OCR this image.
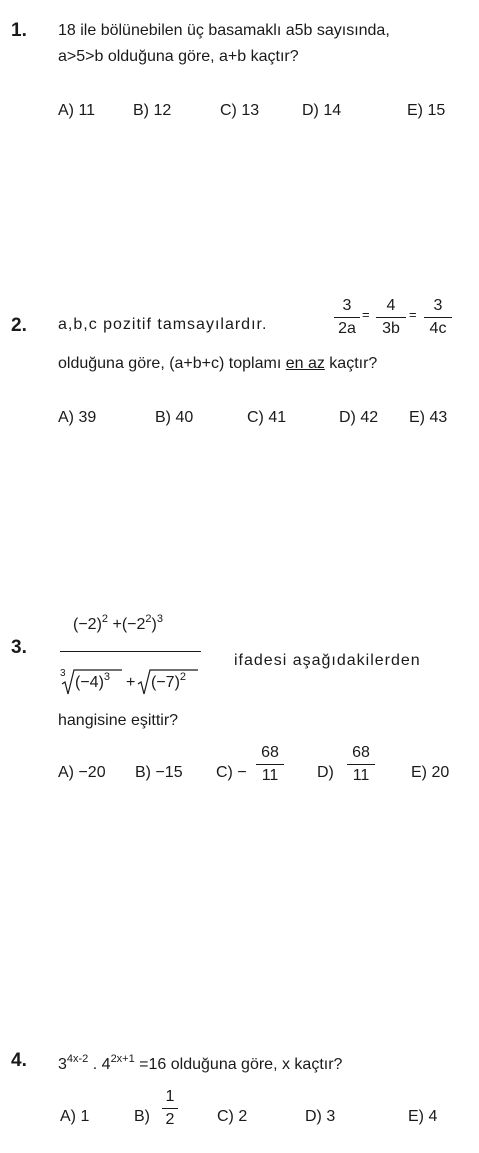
1. 18 ile bölünebilen üç basamaklı a5b sayısında,
a>5>b olduğuna göre, a+b kaçtır?
A) 11 B) 12	C) 13	D) 14	E) 15
2. a,b,c pozitif tamsayılardır.
3
2a
=
4
3b
=
3
4c
olduğuna göre, (a+b+c) toplamı en az kaçtır?
A) 39	B) 40	C) 41	D) 42 E) 43
3.
$(-2)^2 +(-2^2)^3$
3
$(-4)^3 + (-7)^2$
ifadesi aşağıdakilerden
hangisine eşittir?
A) −20 B) −15 C) −
68
11	D)
68
11	E) 20
4. $3^{4x-2}$ . $4^{2x+1} =16$ olduğuna göre, x kaçtır?
A) 1	B)
1
2	C) 2	D) 3	E) 4
